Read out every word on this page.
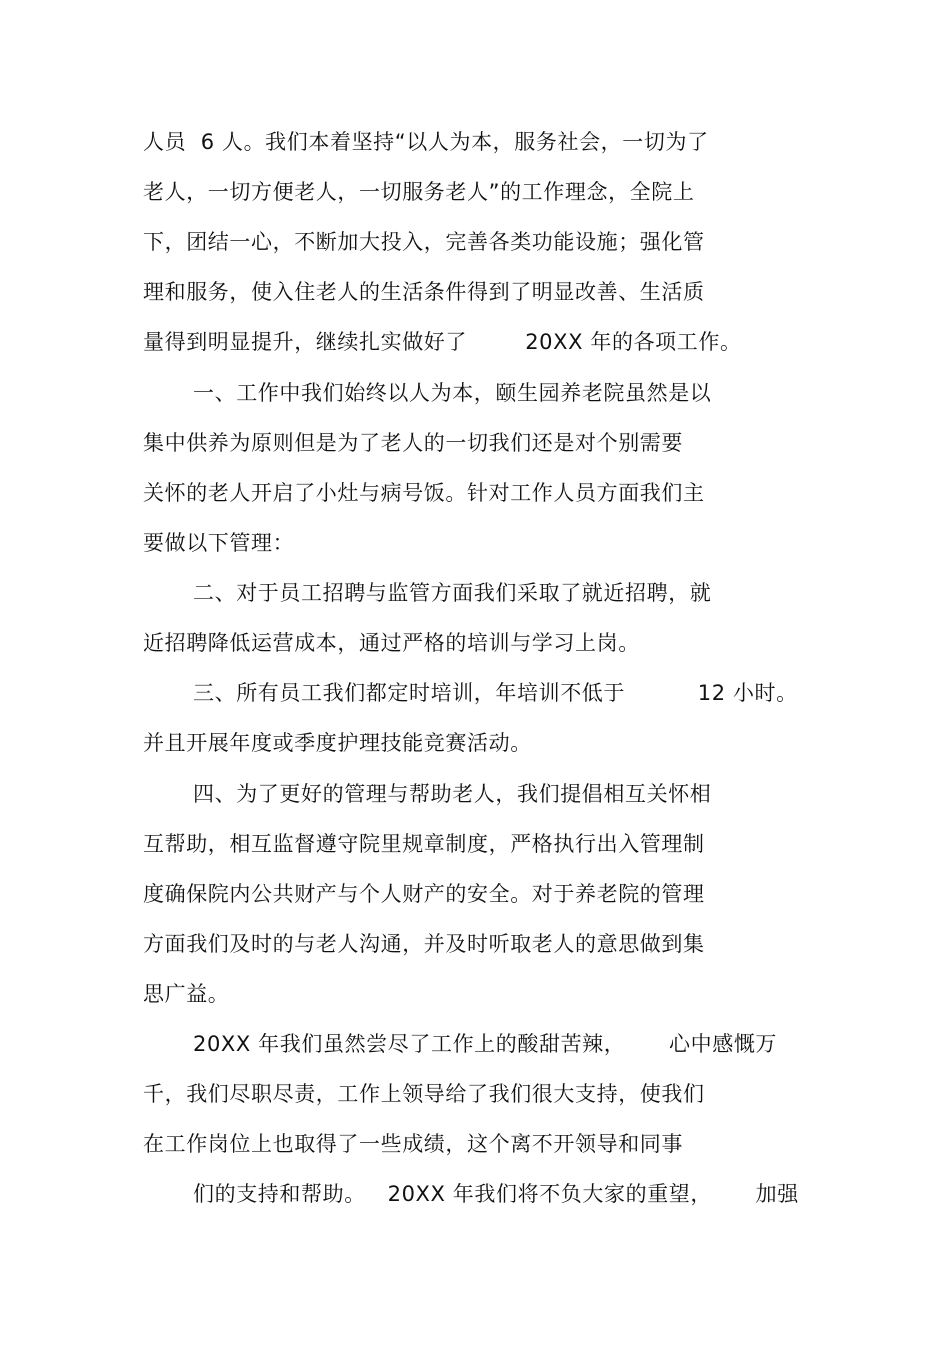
人员  6 人。我们本着坚持“以人为本，服务社会，一切为了
老人，一切方便老人，一切服务老人”的工作理念，全院上
下，团结一心，不断加大投入，完善各类功能设施；强化管
理和服务，使入住老人的生活条件得到了明显改善、生活质
量得到明显提升，继续扎实做好了        20XX 年的各项工作。
一、工作中我们始终以人为本，颐生园养老院虽然是以
集中供养为原则但是为了老人的一切我们还是对个别需要
关怀的老人开启了小灶与病号饭。针对工作人员方面我们主
要做以下管理：
二、对于员工招聘与监管方面我们采取了就近招聘，就
近招聘降低运营成本，通过严格的培训与学习上岗。
三、所有员工我们都定时培训，年培训不低于          12 小时。
并且开展年度或季度护理技能竞赛活动。
四、为了更好的管理与帮助老人，我们提倡相互关怀相
互帮助，相互监督遵守院里规章制度，严格执行出入管理制
度确保院内公共财产与个人财产的安全。对于养老院的管理
方面我们及时的与老人沟通，并及时听取老人的意思做到集
思广益。
20XX 年我们虽然尝尽了工作上的酸甜苦辣，      心中感慨万
千，我们尽职尽责，工作上领导给了我们很大支持，使我们
在工作岗位上也取得了一些成绩，这个离不开领导和同事
们的支持和帮助。   20XX 年我们将不负大家的重望，      加强
